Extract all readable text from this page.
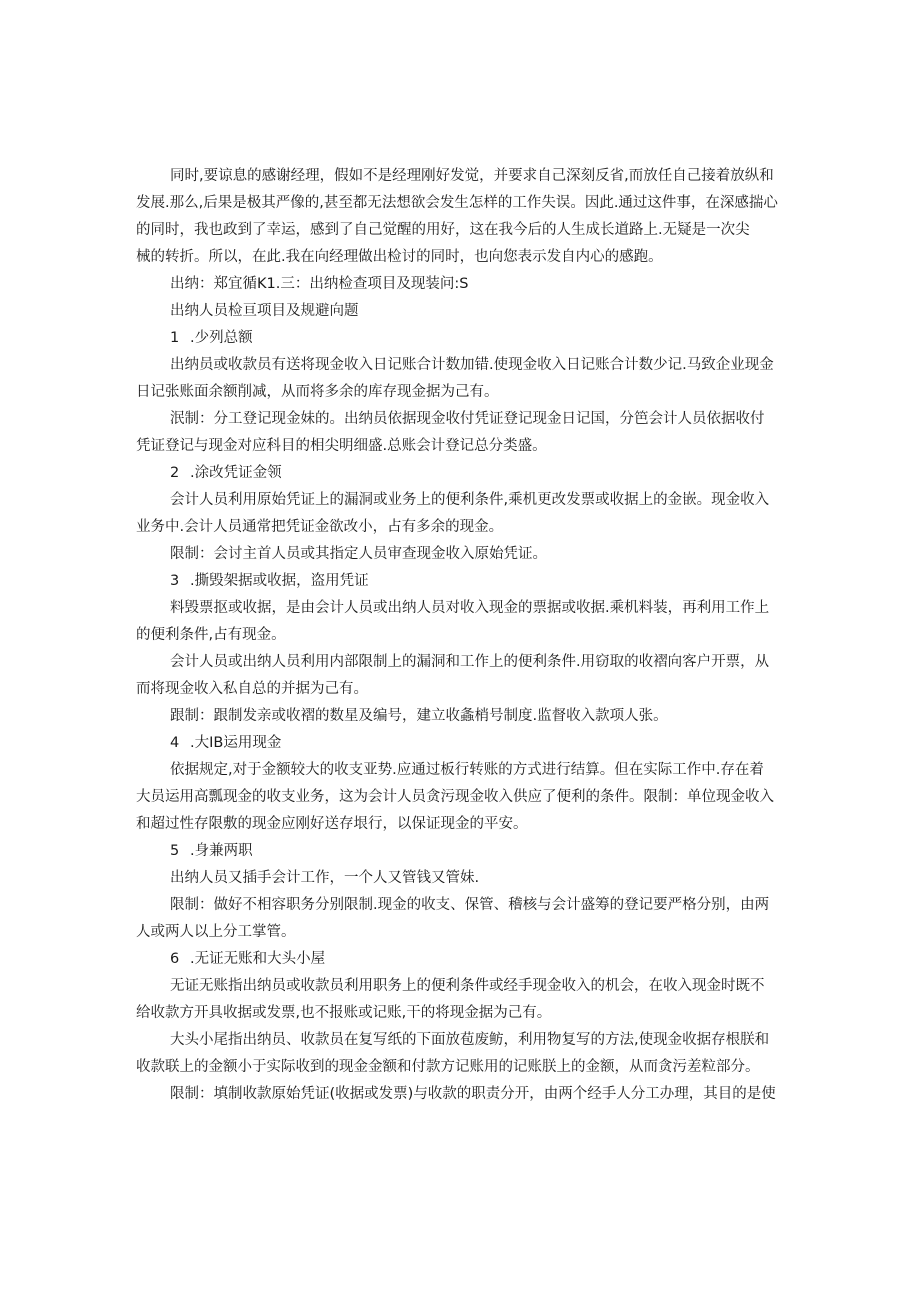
同时,要谅息的感谢经理，假如不是经理刚好发觉，并要求自己深刻反省,而放任自己接着放纵和
发展.那么,后果是极其严像的,甚至都无法想欲会发生怎样的工作失误。因此.通过这件事，在深感揣心
的同时，我也政到了幸运，感到了自己觉醒的用好，这在我今后的人生成长道路上.无疑是一次尖
械的转折。所以，在此.我在向经理做出检讨的同时，也向您表示发自内心的感跑。
出纳：郑宜循K1.三：出纳检查项目及现装问:S
出纳人员检亘项目及规避向题
1 .少列总额
出纳员或收款员有送将现金收入日记账合计数加错.使现金收入日记账合计数少记.马致企业现金
日记张账面余额削减，从而将多余的库存现金据为己有。
泯制：分工登记现金妹的。出纳员依据现金收付凭证登记现金日记国，分笆会计人员依据收付
凭证登记与现金对应科目的相尖明细盛.总账会计登记总分类盛。
2 .涂改凭证金领
会计人员利用原始凭证上的漏洞或业务上的便利条件,乘机更改发票或收据上的金嵌。现金收入
业务中.会计人员通常把凭证金欲改小，占有多余的现金。
限制：会讨主首人员或其指定人员审查现金收入原始凭证。
3 .撕毁架据或收据，盗用凭证
料毁票抠或收据，是由会计人员或出纳人员对收入现金的票据或收据.乘机料装，再利用工作上
的便利条件,占有现金。
会计人员或出纳人员利用内部限制上的漏洞和工作上的便利条件.用窃取的收褶向客户开票，从
而将现金收入私自总的并据为己有。
跟制：跟制发亲或收褶的数星及编号，建立收螽梢号制度.监督收入款项人张。
4 .大IB运用现金
依据规定,对于金额较大的收支亚势.应通过板行转账的方式进行结算。但在实际工作中.存在着
大员运用高瓢现金的收支业务，这为会计人员贪污现金收入供应了便利的条件。限制：单位现金收入
和超过性存限敷的现金应刚好送存垠行，以保证现金的平安。
5 .身兼两职
出纳人员又插手会计工作，一个人又管钱又管妹.
限制：做好不相容职务分别限制.现金的收支、保管、稽核与会计盛筹的登记要严格分别，由两
人或两人以上分工掌管。
6 .无证无账和大头小屋
无证无账指出纳员或收款员利用职务上的便利条件或经手现金收入的机会，在收入现金时既不
给收款方开具收据或发票,也不报账或记账,干的将现金据为己有。
大头小尾指出纳员、收款员在复写纸的下面放苞废鲂，利用物复写的方法,使现金收据存根朕和
收款联上的金额小于实际收到的现金金额和付款方记账用的记账朕上的金额，从而贪污差粒部分。
限制：填制收款原始凭证(收据或发票)与收款的职责分开，由两个经手人分工办理，其目的是使
